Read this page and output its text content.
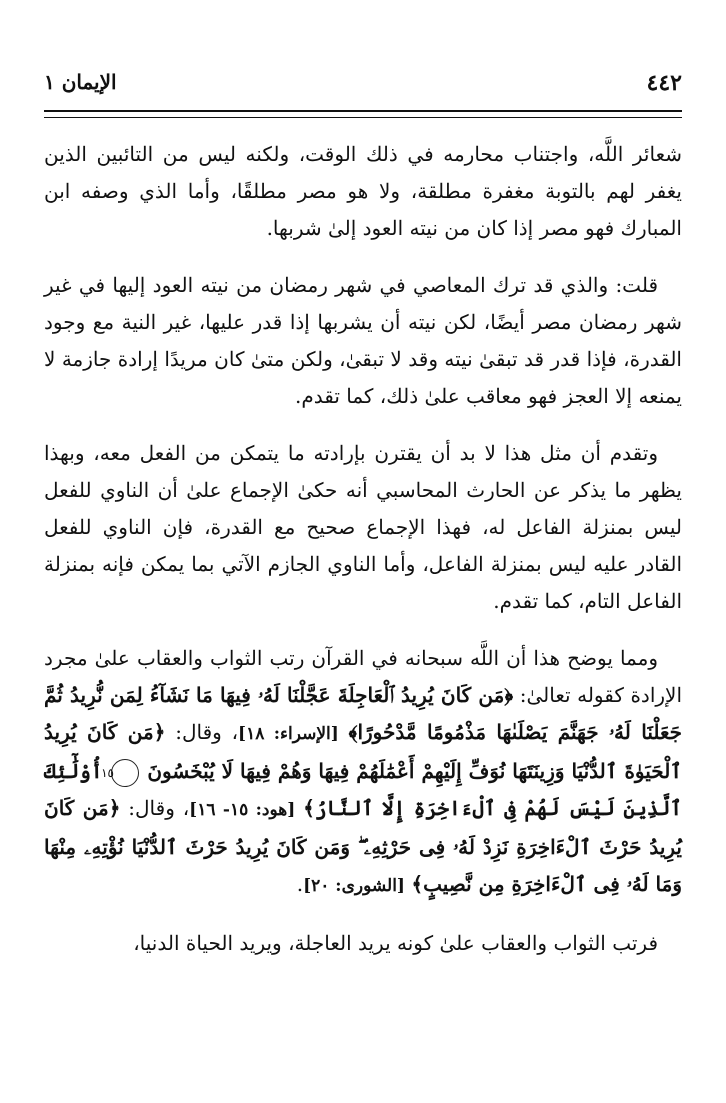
٤٤٢
الإيمان ١

شعائر اللَّه، واجتناب محارمه في ذلك الوقت، ولكنه ليس من التائبين الذين يغفر لهم بالتوبة مغفرة مطلقة، ولا هو مصر مطلقًا، وأما الذي وصفه ابن المبارك فهو مصر إذا كان من نيته العود إلىٰ شربها.

قلت: والذي قد ترك المعاصي في شهر رمضان من نيته العود إليها في غير شهر رمضان مصر أيضًا، لكن نيته أن يشربها إذا قدر عليها، غير النية مع وجود القدرة، فإذا قدر قد تبقىٰ نيته وقد لا تبقىٰ، ولكن متىٰ كان مريدًا إرادة جازمة لا يمنعه إلا العجز فهو معاقب علىٰ ذلك، كما تقدم.

وتقدم أن مثل هذا لا بد أن يقترن بإرادته ما يتمكن من الفعل معه، وبهذا يظهر ما يذكر عن الحارث المحاسبي أنه حكىٰ الإجماع علىٰ أن الناوي للفعل ليس بمنزلة الفاعل له، فهذا الإجماع صحيح مع القدرة، فإن الناوي للفعل القادر عليه ليس بمنزلة الفاعل، وأما الناوي الجازم الآتي بما يمكن فإنه بمنزلة الفاعل التام، كما تقدم.

ومما يوضح هذا أن اللَّه سبحانه في القرآن رتب الثواب والعقاب علىٰ مجرد الإرادة كقوله تعالىٰ: ﴿مَن كَانَ يُرِيدُ ٱلْعَاجِلَةَ عَجَّلْنَا لَهُۥ فِيهَا مَا نَشَآءُ لِمَن نُّرِيدُ ثُمَّ جَعَلْنَا لَهُۥ جَهَنَّمَ يَصْلَىٰهَا مَذْمُومًا مَّدْحُورًا﴾ [الإسراء: ١٨]، وقال: ﴿مَن كَانَ يُرِيدُ ٱلْحَيَوٰةَ ٱلدُّنْيَا وَزِينَتَهَا نُوَفِّ إِلَيْهِمْ أَعْمَٰلَهُمْ فِيهَا وَهُمْ فِيهَا لَا يُبْخَسُونَ ١٥ أُوْلَٰٓئِكَ ٱلَّذِينَ لَيْسَ لَهُمْ فِى ٱلْءَاخِرَةِ إِلَّا ٱلنَّارُ﴾ [هود: ١٥- ١٦]، وقال: ﴿مَن كَانَ يُرِيدُ حَرْثَ ٱلْءَاخِرَةِ نَزِدْ لَهُۥ فِى حَرْثِهِۦ ۖ وَمَن كَانَ يُرِيدُ حَرْثَ ٱلدُّنْيَا نُؤْتِهِۦ مِنْهَا وَمَا لَهُۥ فِى ٱلْءَاخِرَةِ مِن نَّصِيبٍ﴾ [الشورى: ٢٠].

فرتب الثواب والعقاب علىٰ كونه يريد العاجلة، ويريد الحياة الدنيا،
